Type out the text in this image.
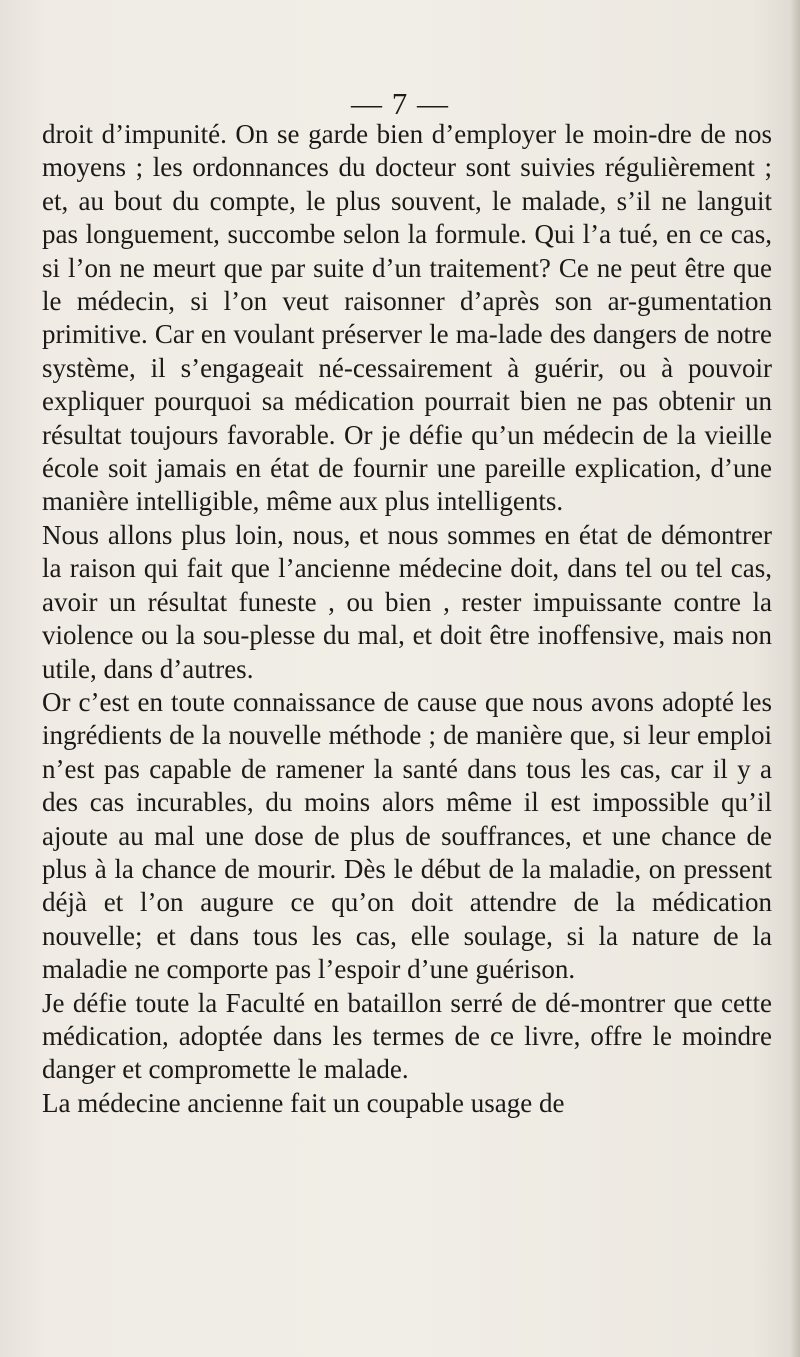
— 7 —

droit d’impunité. On se garde bien d’employer le moin-dre de nos moyens ; les ordonnances du docteur sont suivies régulièrement ; et, au bout du compte, le plus souvent, le malade, s’il ne languit pas longuement, succombe selon la formule. Qui l’a tué, en ce cas, si l’on ne meurt que par suite d’un traitement? Ce ne peut être que le médecin, si l’on veut raisonner d’après son ar-gumentation primitive. Car en voulant préserver le ma-lade des dangers de notre système, il s’engageait né-cessairement à guérir, ou à pouvoir expliquer pourquoi sa médication pourrait bien ne pas obtenir un résultat toujours favorable. Or je défie qu’un médecin de la vieille école soit jamais en état de fournir une pareille explication, d’une manière intelligible, même aux plus intelligents.

Nous allons plus loin, nous, et nous sommes en état de démontrer la raison qui fait que l’ancienne médecine doit, dans tel ou tel cas, avoir un résultat funeste , ou bien , rester impuissante contre la violence ou la sou-plesse du mal, et doit être inoffensive, mais non utile, dans d’autres.

Or c’est en toute connaissance de cause que nous avons adopté les ingrédients de la nouvelle méthode ; de manière que, si leur emploi n’est pas capable de ramener la santé dans tous les cas, car il y a des cas incurables, du moins alors même il est impossible qu’il ajoute au mal une dose de plus de souffrances, et une chance de plus à la chance de mourir. Dès le début de la maladie, on pressent déjà et l’on augure ce qu’on doit attendre de la médication nouvelle; et dans tous les cas, elle soulage, si la nature de la maladie ne comporte pas l’espoir d’une guérison.

Je défie toute la Faculté en bataillon serré de dé-montrer que cette médication, adoptée dans les termes de ce livre, offre le moindre danger et compromette le malade.

La médecine ancienne fait un coupable usage de
